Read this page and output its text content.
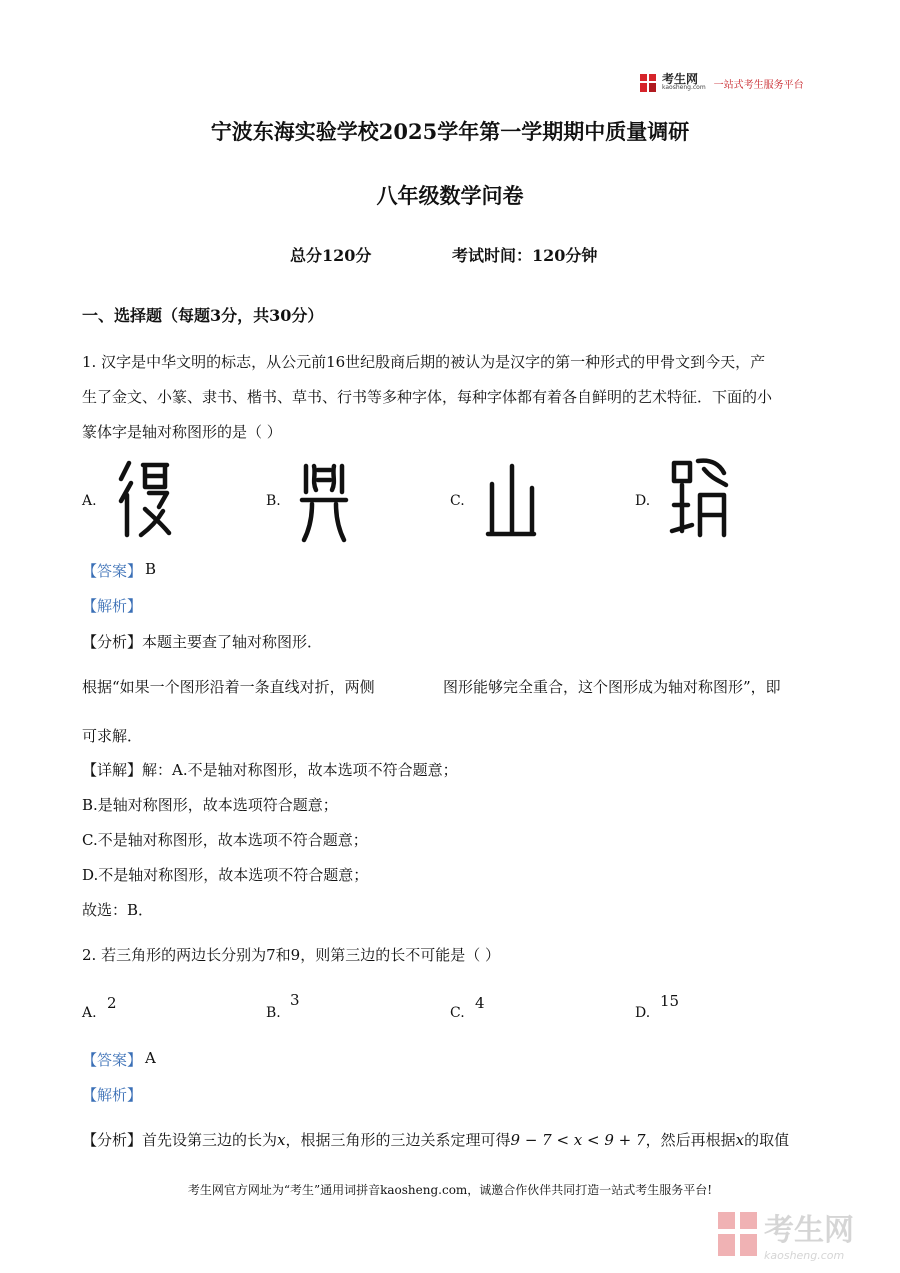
考生网
kaosheng.com 一站式考生服务平台
宁波东海实验学校2025学年第一学期期中质量调研
八年级数学问卷
总分120分	考试时间：120分钟
一、选择题（每题3分，共30分）
1. 汉字是中华文明的标志，从公元前16世纪殷商后期的被认为是汉字的第一种形式的甲骨文到今天，产
生了金文、小篆、隶书、楷书、草书、行书等多种字体，每种字体都有着各自鲜明的艺术特征．下面的小
篆体字是轴对称图形的是（ ）
A.	B.	C.	D.
【答案】 B
【解析】
【分析】本题主要查了轴对称图形．
根据“如果一个图形沿着一条直线对折，两侧	图形能够完全重合，这个图形成为轴对称图形”，即
可求解．
【详解】解：A.不是轴对称图形，故本选项不符合题意；
B.是轴对称图形，故本选项符合题意；
C.不是轴对称图形，故本选项不符合题意；
D.不是轴对称图形，故本选项不符合题意；
故选：B．
2. 若三角形的两边长分别为7和9，则第三边的长不可能是（ ）
A.
2
B.
3
C.
4
D.
15
【答案】 A
【解析】
【分析】首先设第三边的长为x，根据三角形的三边关系定理可得9 − 7 < x < 9 + 7，然后再根据x的取值
考生网官方网址为“考生”通用词拼音kaosheng.com，诚邀合作伙伴共同打造一站式考生服务平台!
考生网
kaosheng.com
